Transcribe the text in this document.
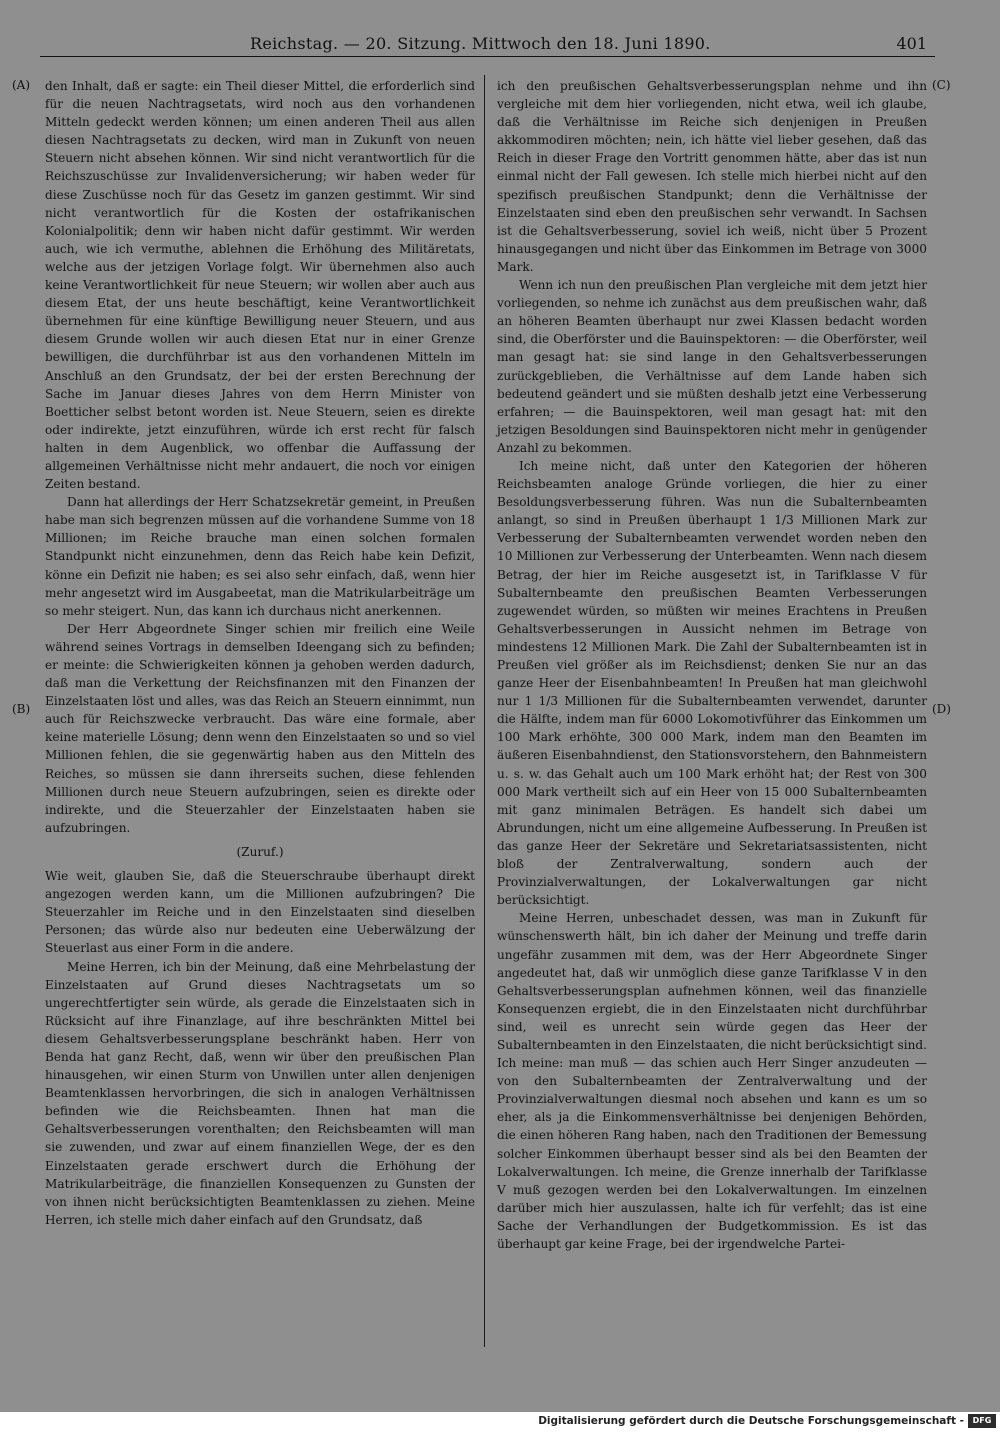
Reichstag. — 20. Sitzung. Mittwoch den 18. Juni 1890.	401
(A)
(B)
(C)
(D)

den Inhalt, daß er sagte: ein Theil dieser Mittel, die erforderlich sind für die neuen Nachtragsetats, wird noch aus den vorhandenen Mitteln gedeckt werden können; um einen anderen Theil aus allen diesen Nachtragsetats zu decken, wird man in Zukunft von neuen Steuern nicht absehen können. Wir sind nicht verantwortlich für die Reichszuschüsse zur Invalidenversicherung; wir haben weder für diese Zuschüsse noch für das Gesetz im ganzen gestimmt. Wir sind nicht verantwortlich für die Kosten der ostafrikanischen Kolonialpolitik; denn wir haben nicht dafür gestimmt. Wir werden auch, wie ich vermuthe, ablehnen die Erhöhung des Militäretats, welche aus der jetzigen Vorlage folgt. Wir übernehmen also auch keine Verantwortlichkeit für neue Steuern; wir wollen aber auch aus diesem Etat, der uns heute beschäftigt, keine Verantwortlichkeit übernehmen für eine künftige Bewilligung neuer Steuern, und aus diesem Grunde wollen wir auch diesen Etat nur in einer Grenze bewilligen, die durchführbar ist aus den vorhandenen Mitteln im Anschluß an den Grundsatz, der bei der ersten Berechnung der Sache im Januar dieses Jahres von dem Herrn Minister von Boetticher selbst betont worden ist. Neue Steuern, seien es direkte oder indirekte, jetzt einzuführen, würde ich erst recht für falsch halten in dem Augenblick, wo offenbar die Auffassung der allgemeinen Verhältnisse nicht mehr andauert, die noch vor einigen Zeiten bestand.

Dann hat allerdings der Herr Schatzsekretär gemeint, in Preußen habe man sich begrenzen müssen auf die vorhandene Summe von 18 Millionen; im Reiche brauche man einen solchen formalen Standpunkt nicht einzunehmen, denn das Reich habe kein Defizit, könne ein Defizit nie haben; es sei also sehr einfach, daß, wenn hier mehr angesetzt wird im Ausgabeetat, man die Matrikularbeiträge um so mehr steigert. Nun, das kann ich durchaus nicht anerkennen.

Der Herr Abgeordnete Singer schien mir freilich eine Weile während seines Vortrags in demselben Ideengang sich zu befinden; er meinte: die Schwierigkeiten können ja gehoben werden dadurch, daß man die Verkettung der Reichsfinanzen mit den Finanzen der Einzelstaaten löst und alles, was das Reich an Steuern einnimmt, nun auch für Reichszwecke verbraucht. Das wäre eine formale, aber keine materielle Lösung; denn wenn den Einzelstaaten so und so viel Millionen fehlen, die sie gegenwärtig haben aus den Mitteln des Reiches, so müssen sie dann ihrerseits suchen, diese fehlenden Millionen durch neue Steuern aufzubringen, seien es direkte oder indirekte, und die Steuerzahler der Einzelstaaten haben sie aufzubringen.

(Zuruf.)

Wie weit, glauben Sie, daß die Steuerschraube überhaupt direkt angezogen werden kann, um die Millionen aufzubringen? Die Steuerzahler im Reiche und in den Einzelstaaten sind dieselben Personen; das würde also nur bedeuten eine Ueberwälzung der Steuerlast aus einer Form in die andere.

Meine Herren, ich bin der Meinung, daß eine Mehrbelastung der Einzelstaaten auf Grund dieses Nachtragsetats um so ungerechtfertigter sein würde, als gerade die Einzelstaaten sich in Rücksicht auf ihre Finanzlage, auf ihre beschränkten Mittel bei diesem Gehaltsverbesserungsplane beschränkt haben. Herr von Benda hat ganz Recht, daß, wenn wir über den preußischen Plan hinausgehen, wir einen Sturm von Unwillen unter allen denjenigen Beamtenklassen hervorbringen, die sich in analogen Verhältnissen befinden wie die Reichsbeamten. Ihnen hat man die Gehaltsverbesserungen vorenthalten; den Reichsbeamten will man sie zuwenden, und zwar auf einem finanziellen Wege, der es den Einzelstaaten gerade erschwert durch die Erhöhung der Matrikularbeiträge, die finanziellen Konsequenzen zu Gunsten der von ihnen nicht berücksichtigten Beamtenklassen zu ziehen. Meine Herren, ich stelle mich daher einfach auf den Grundsatz, daß

ich den preußischen Gehaltsverbesserungsplan nehme und ihn vergleiche mit dem hier vorliegenden, nicht etwa, weil ich glaube, daß die Verhältnisse im Reiche sich denjenigen in Preußen akkommodiren möchten; nein, ich hätte viel lieber gesehen, daß das Reich in dieser Frage den Vortritt genommen hätte, aber das ist nun einmal nicht der Fall gewesen. Ich stelle mich hierbei nicht auf den spezifisch preußischen Standpunkt; denn die Verhältnisse der Einzelstaaten sind eben den preußischen sehr verwandt. In Sachsen ist die Gehaltsverbesserung, soviel ich weiß, nicht über 5 Prozent hinausgegangen und nicht über das Einkommen im Betrage von 3000 Mark.

Wenn ich nun den preußischen Plan vergleiche mit dem jetzt hier vorliegenden, so nehme ich zunächst aus dem preußischen wahr, daß an höheren Beamten überhaupt nur zwei Klassen bedacht worden sind, die Oberförster und die Bauinspektoren: — die Oberförster, weil man gesagt hat: sie sind lange in den Gehaltsverbesserungen zurückgeblieben, die Verhältnisse auf dem Lande haben sich bedeutend geändert und sie müßten deshalb jetzt eine Verbesserung erfahren; — die Bauinspektoren, weil man gesagt hat: mit den jetzigen Besoldungen sind Bauinspektoren nicht mehr in genügender Anzahl zu bekommen.

Ich meine nicht, daß unter den Kategorien der höheren Reichsbeamten analoge Gründe vorliegen, die hier zu einer Besoldungsverbesserung führen. Was nun die Subalternbeamten anlangt, so sind in Preußen überhaupt 1 1/3 Millionen Mark zur Verbesserung der Subalternbeamten verwendet worden neben den 10 Millionen zur Verbesserung der Unterbeamten. Wenn nach diesem Betrag, der hier im Reiche ausgesetzt ist, in Tarifklasse V für Subalternbeamte den preußischen Beamten Verbesserungen zugewendet würden, so müßten wir meines Erachtens in Preußen Gehaltsverbesserungen in Aussicht nehmen im Betrage von mindestens 12 Millionen Mark. Die Zahl der Subalternbeamten ist in Preußen viel größer als im Reichsdienst; denken Sie nur an das ganze Heer der Eisenbahnbeamten! In Preußen hat man gleichwohl nur 1 1/3 Millionen für die Subalternbeamten verwendet, darunter die Hälfte, indem man für 6000 Lokomotivführer das Einkommen um 100 Mark erhöhte, 300 000 Mark, indem man den Beamten im äußeren Eisenbahndienst, den Stationsvorstehern, den Bahnmeistern u. s. w. das Gehalt auch um 100 Mark erhöht hat; der Rest von 300 000 Mark vertheilt sich auf ein Heer von 15 000 Subalternbeamten mit ganz minimalen Beträgen. Es handelt sich dabei um Abrundungen, nicht um eine allgemeine Aufbesserung. In Preußen ist das ganze Heer der Sekretäre und Sekretariatsassistenten, nicht bloß der Zentralverwaltung, sondern auch der Provinzialverwaltungen, der Lokalverwaltungen gar nicht berücksichtigt.

Meine Herren, unbeschadet dessen, was man in Zukunft für wünschenswerth hält, bin ich daher der Meinung und treffe darin ungefähr zusammen mit dem, was der Herr Abgeordnete Singer angedeutet hat, daß wir unmöglich diese ganze Tarifklasse V in den Gehaltsverbesserungsplan aufnehmen können, weil das finanzielle Konsequenzen ergiebt, die in den Einzelstaaten nicht durchführbar sind, weil es unrecht sein würde gegen das Heer der Subalternbeamten in den Einzelstaaten, die nicht berücksichtigt sind. Ich meine: man muß — das schien auch Herr Singer anzudeuten — von den Subalternbeamten der Zentralverwaltung und der Provinzialverwaltungen diesmal noch absehen und kann es um so eher, als ja die Einkommensverhältnisse bei denjenigen Behörden, die einen höheren Rang haben, nach den Traditionen der Bemessung solcher Einkommen überhaupt besser sind als bei den Beamten der Lokalverwaltungen. Ich meine, die Grenze innerhalb der Tarifklasse V muß gezogen werden bei den Lokalverwaltungen. Im einzelnen darüber mich hier auszulassen, halte ich für verfehlt; das ist eine Sache der Verhandlungen der Budgetkommission. Es ist das überhaupt gar keine Frage, bei der irgendwelche Partei-

Digitalisierung gefördert durch die Deutsche Forschungsgemeinschaft -	DFG
